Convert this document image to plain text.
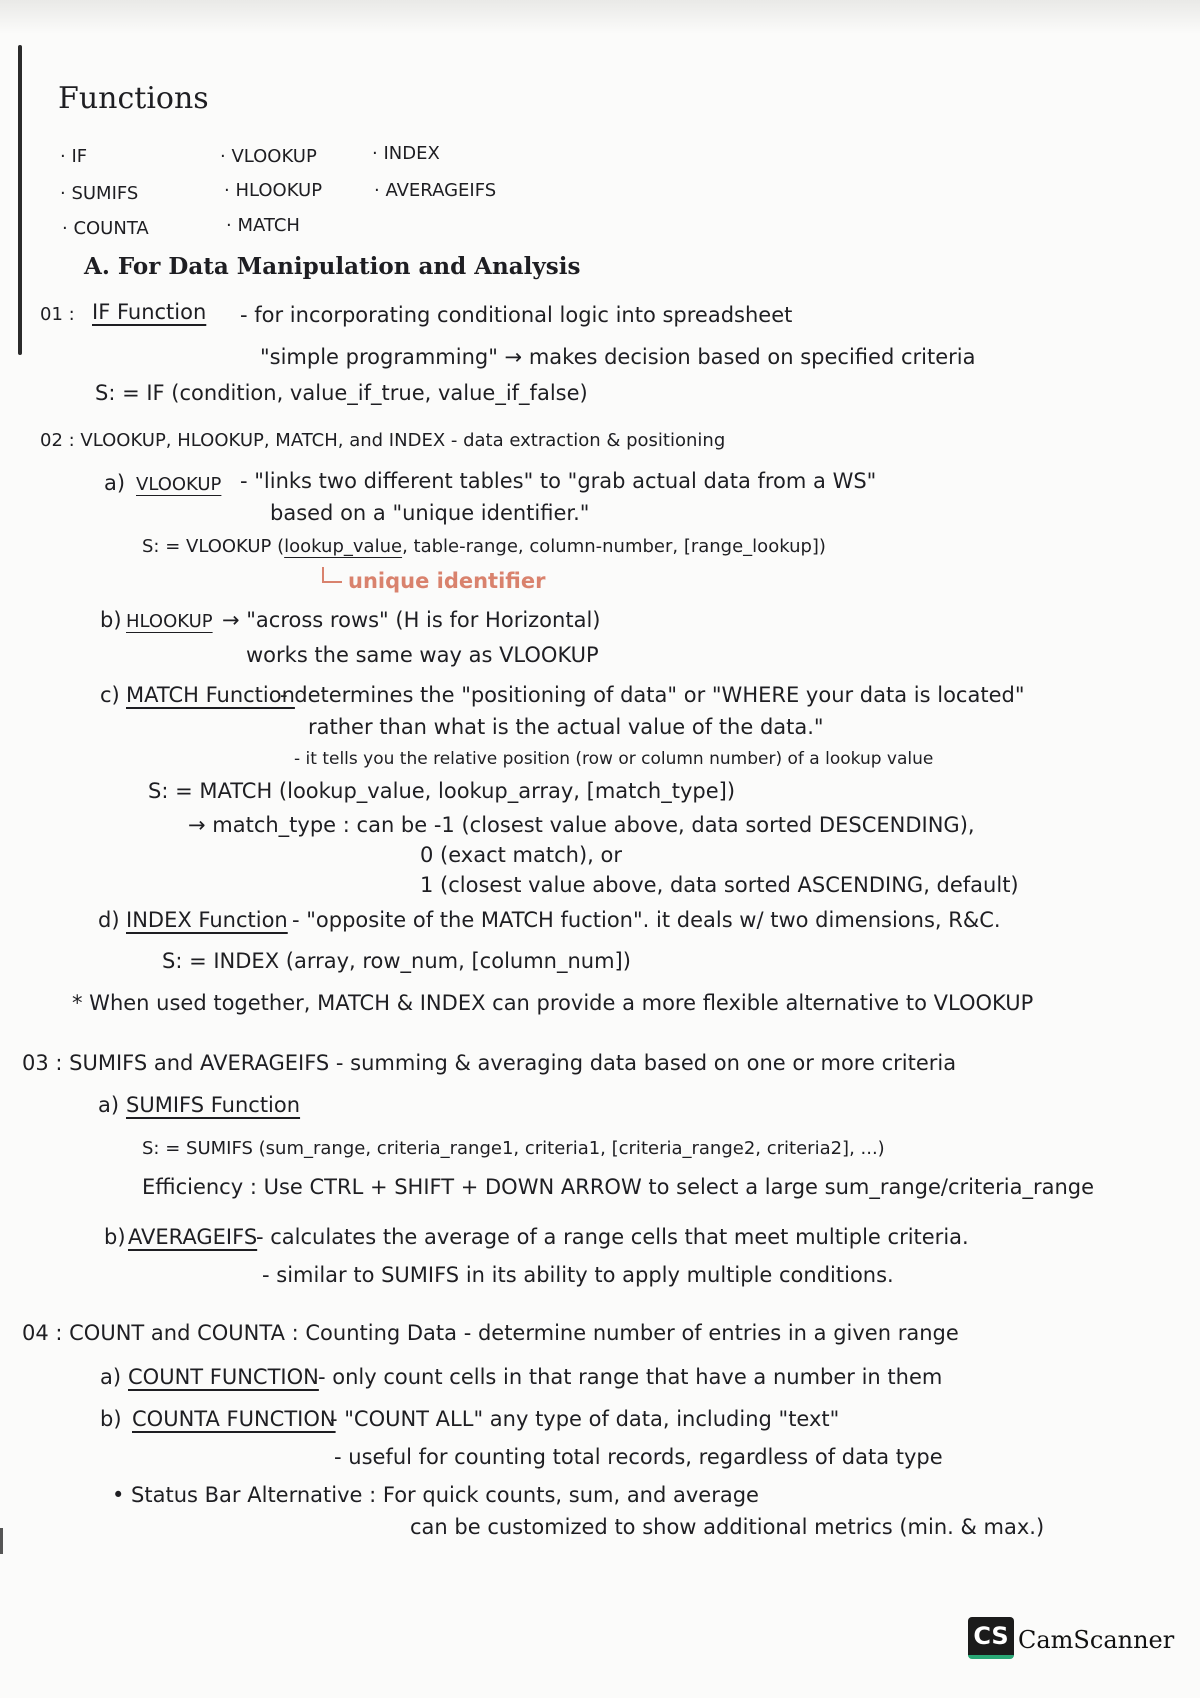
Functions
· IF	· VLOOKUP	· INDEX
· SUMIFS	· HLOOKUP	· AVERAGEIFS
· COUNTA	· MATCH
A. For Data Manipulation and Analysis
01 : IF Function - for incorporating conditional logic into spreadsheet
"simple programming" → makes decision based on specified criteria
S: = IF (condition, value_if_true, value_if_false)
02 : VLOOKUP, HLOOKUP, MATCH, and INDEX - data extraction & positioning
a) VLOOKUP - "links two different tables" to "grab actual data from a WS"
based on a "unique identifier."
S: = VLOOKUP (lookup_value, table-range, column-number, [range_lookup])
unique identifier
b) HLOOKUP → "across rows" (H is for Horizontal)
works the same way as VLOOKUP
c) MATCH Function
- determines the "positioning of data" or "WHERE your data is located"
rather than what is the actual value of the data."
- it tells you the relative position (row or column number) of a lookup value
S: = MATCH (lookup_value, lookup_array, [match_type])
→ match_type : can be -1 (closest value above, data sorted DESCENDING),
0 (exact match), or
1 (closest value above, data sorted ASCENDING, default)
d) INDEX Function - "opposite of the MATCH fuction". it deals w/ two dimensions, R&C.
S: = INDEX (array, row_num, [column_num])
* When used together, MATCH & INDEX can provide a more flexible alternative to VLOOKUP
03 : SUMIFS and AVERAGEIFS - summing & averaging data based on one or more criteria
a) SUMIFS Function
S: = SUMIFS (sum_range, criteria_range1, criteria1, [criteria_range2, criteria2], ...)
Efficiency : Use CTRL + SHIFT + DOWN ARROW to select a large sum_range/criteria_range
b) AVERAGEIFS
- calculates the average of a range cells that meet multiple criteria.
- similar to SUMIFS in its ability to apply multiple conditions.
04 : COUNT and COUNTA : Counting Data - determine number of entries in a given range
a) COUNT FUNCTION - only count cells in that range that have a number in them
b) COUNTA FUNCTION
- "COUNT ALL" any type of data, including "text"
- useful for counting total records, regardless of data type
• Status Bar Alternative : For quick counts, sum, and average
can be customized to show additional metrics (min. & max.)
CS CamScanner
